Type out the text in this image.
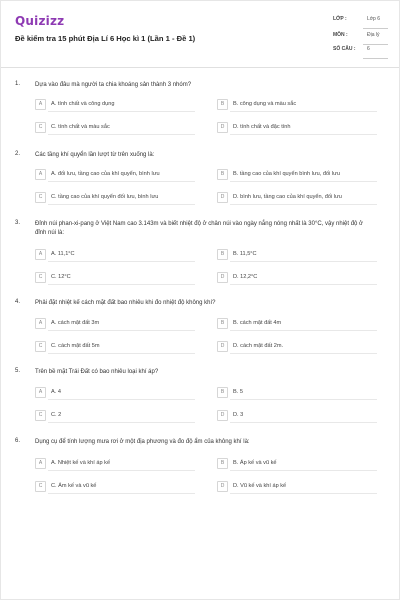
Quizizz
Đề kiểm tra 15 phút Địa Lí 6 Học kì 1 (Lần 1 - Đề 1)
LỚP :	Lớp 6
MÔN :	Địa lý
SỐ CÂU : 6
1. Dựa vào đâu mà người ta chia khoáng sản thành 3 nhóm?
A	A. tính chất và công dụng	B	B. công dụng và màu sắc
C	C. tính chất và màu sắc	D	D. tính chất và đặc tính
2. Các tầng khí quyển lần lượt từ trên xuống là:
A	A. đối lưu, tầng cao của khí quyển, bình lưu	B	B. tầng cao của khí quyển bình lưu, đối lưu
C	C. tầng cao của khí quyển đối lưu, bình lưu	D	D. bình lưu, tầng cao của khí quyển, đối lưu
3. Đỉnh núi phan-xi-pang ở Việt Nam cao 3.143m và biết nhiệt độ ở chân núi vào ngày nắng nóng nhất là 30°C, vậy nhiệt độ ở đỉnh núi là:
A	A. 11,1°C	B	B. 11,5°C
C	C. 12°C	D	D. 12,2°C
4. Phải đặt nhiệt kế cách mặt đất bao nhiêu khi đo nhiệt độ không khí?
A	A. cách mặt đất 3m	B	B. cách mặt đất 4m
C	C. cách mặt đất 5m	D	D. cách mặt đất 2m.
5. Trên bề mặt Trái Đất có bao nhiêu loại khí áp?
A	A. 4	B	B. 5
C	C. 2	D	D. 3
6. Dụng cụ để tính lượng mưa rơi ở một địa phương và đo độ ẩm của không khí là:
A	A. Nhiệt kế và khí áp kế	B	B. Áp kế và vũ kế
C	C. Ẩm kế và vũ kế	D	D. Vũ kế và khí áp kế
